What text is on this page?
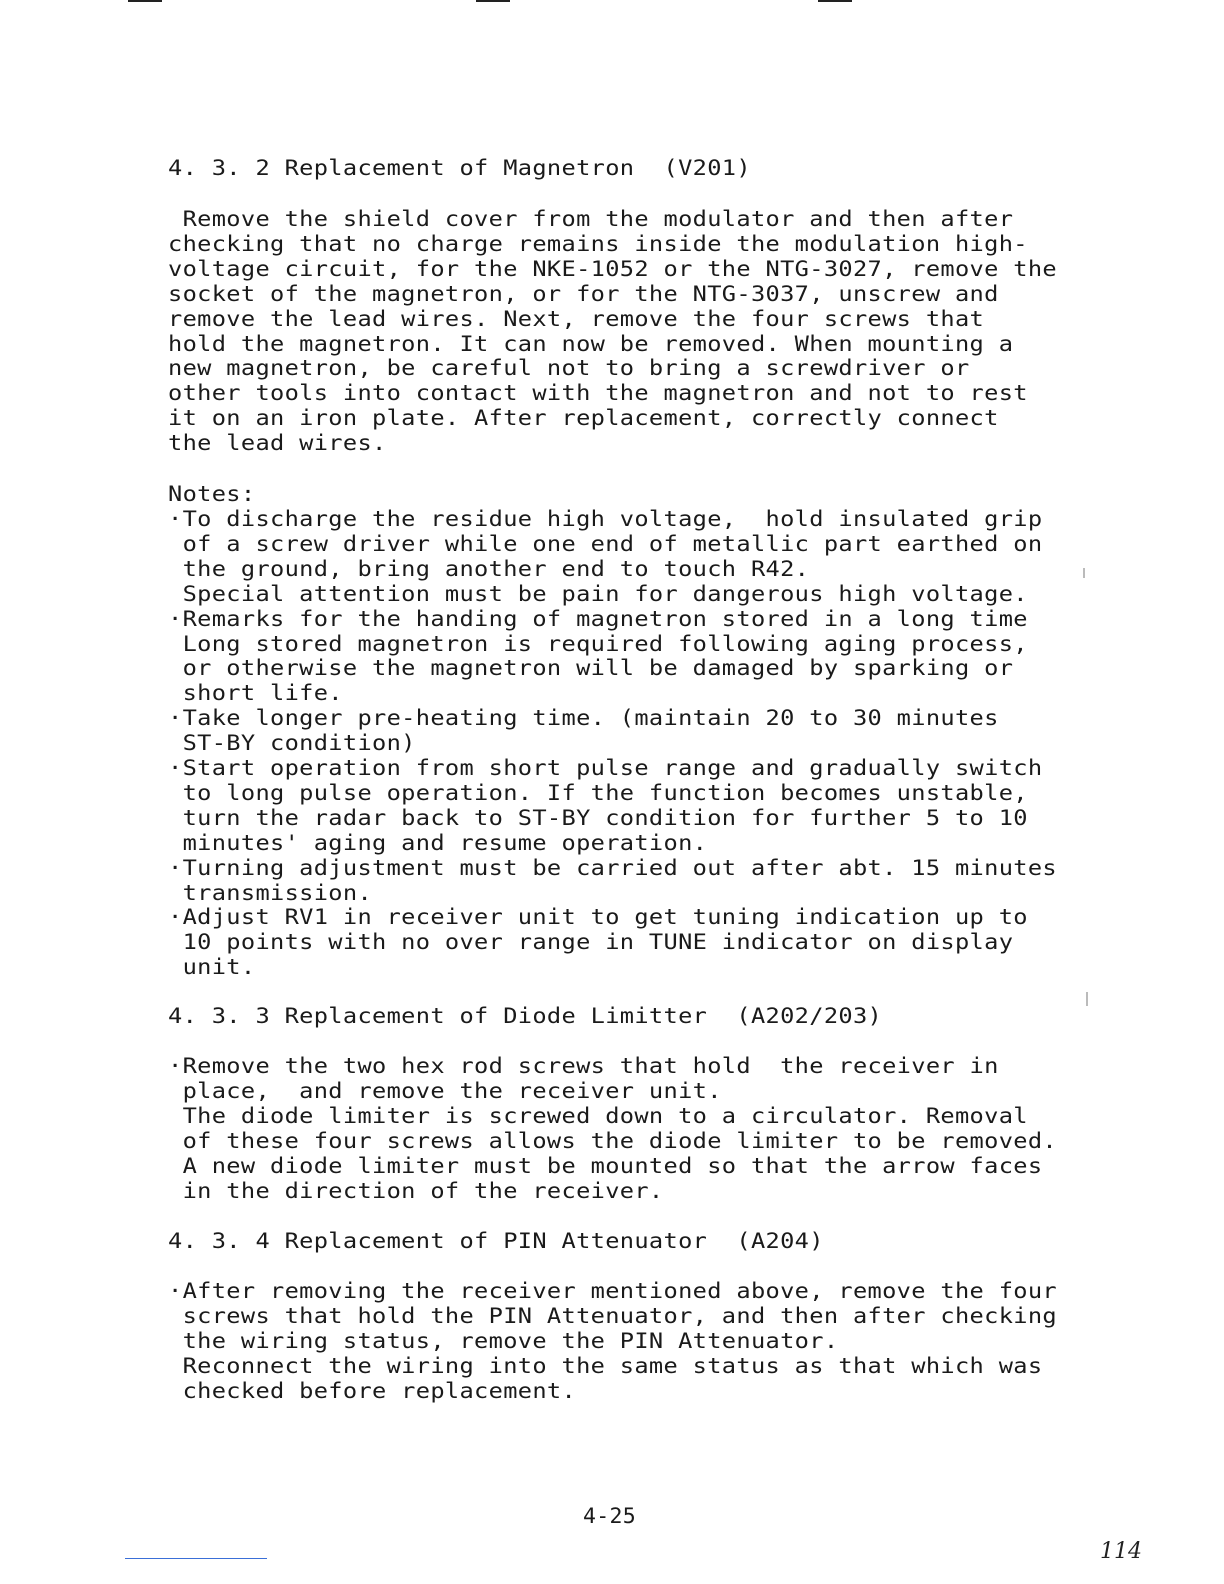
4. 3. 2 Replacement of Magnetron  (V201)
Remove the shield cover from the modulator and then after
checking that no charge remains inside the modulation high-
voltage circuit, for the NKE-1052 or the NTG-3027, remove the
socket of the magnetron, or for the NTG-3037, unscrew and
remove the lead wires. Next, remove the four screws that
hold the magnetron. It can now be removed. When mounting a
new magnetron, be careful not to bring a screwdriver or
other tools into contact with the magnetron and not to rest
it on an iron plate. After replacement, correctly connect
the lead wires.
Notes:
·To discharge the residue high voltage,  hold insulated grip
of a screw driver while one end of metallic part earthed on
the ground, bring another end to touch R42.
Special attention must be pain for dangerous high voltage.
·Remarks for the handing of magnetron stored in a long time
Long stored magnetron is required following aging process,
or otherwise the magnetron will be damaged by sparking or
short life.
·Take longer pre-heating time. (maintain 20 to 30 minutes
ST-BY condition)
·Start operation from short pulse range and gradually switch
to long pulse operation. If the function becomes unstable,
turn the radar back to ST-BY condition for further 5 to 10
minutes' aging and resume operation.
·Turning adjustment must be carried out after abt. 15 minutes
transmission.
·Adjust RV1 in receiver unit to get tuning indication up to
10 points with no over range in TUNE indicator on display
unit.
4. 3. 3 Replacement of Diode Limitter  (A202/203)
·Remove the two hex rod screws that hold  the receiver in
place,  and remove the receiver unit.
The diode limiter is screwed down to a circulator. Removal
of these four screws allows the diode limiter to be removed.
A new diode limiter must be mounted so that the arrow faces
in the direction of the receiver.
4. 3. 4 Replacement of PIN Attenuator  (A204)
·After removing the receiver mentioned above, remove the four
screws that hold the PIN Attenuator, and then after checking
the wiring status, remove the PIN Attenuator.
Reconnect the wiring into the same status as that which was
checked before replacement.
4-25
114
